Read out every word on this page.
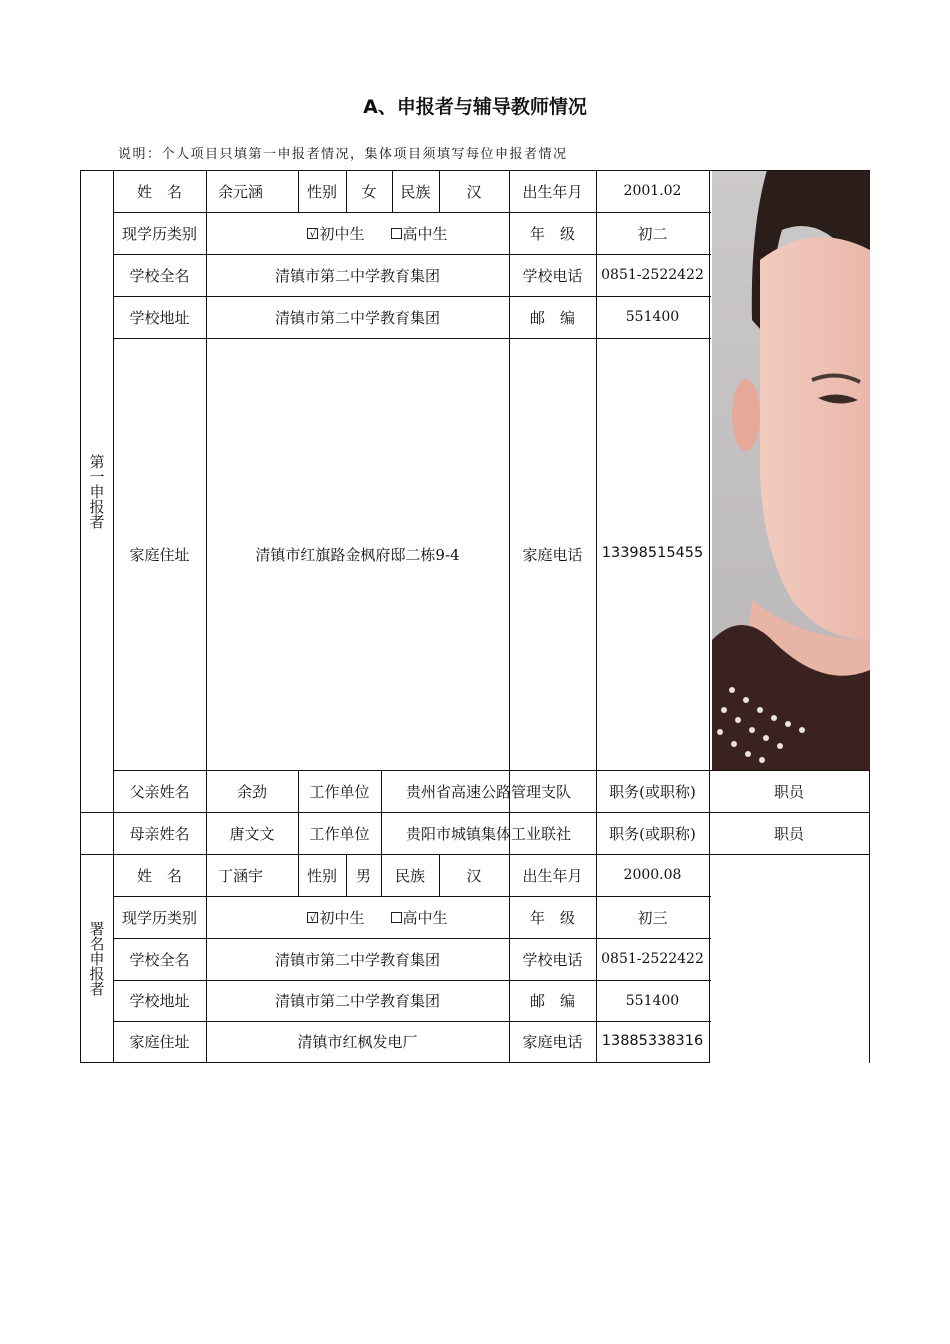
A、申报者与辅导教师情况
说明：个人项目只填第一申报者情况，集体项目须填写每位申报者情况
第一申报者
姓　名	余元涵	性别	女	民族	汉	出生年月	2001.02
现学历类别	√ 初中生	高中生	年　级	初二
学校全名	清镇市第二中学教育集团	学校电话	0851-2522422
学校地址	清镇市第二中学教育集团	邮　编	551400
家庭住址	清镇市红旗路金枫府邸二栋9-4	家庭电话	13398515455
父亲姓名	余劲	工作单位	贵州省高速公路管理支队	职务(或职称)	职员
母亲姓名	唐文文	工作单位	贵阳市城镇集体工业联社	职务(或职称)	职员
署名申报者
姓　名	丁涵宇	性别	男	民族	汉	出生年月	2000.08
现学历类别	√ 初中生	高中生	年　级	初三
学校全名	清镇市第二中学教育集团	学校电话	0851-2522422
学校地址	清镇市第二中学教育集团	邮　编	551400
家庭住址	清镇市红枫发电厂	家庭电话	13885338316
